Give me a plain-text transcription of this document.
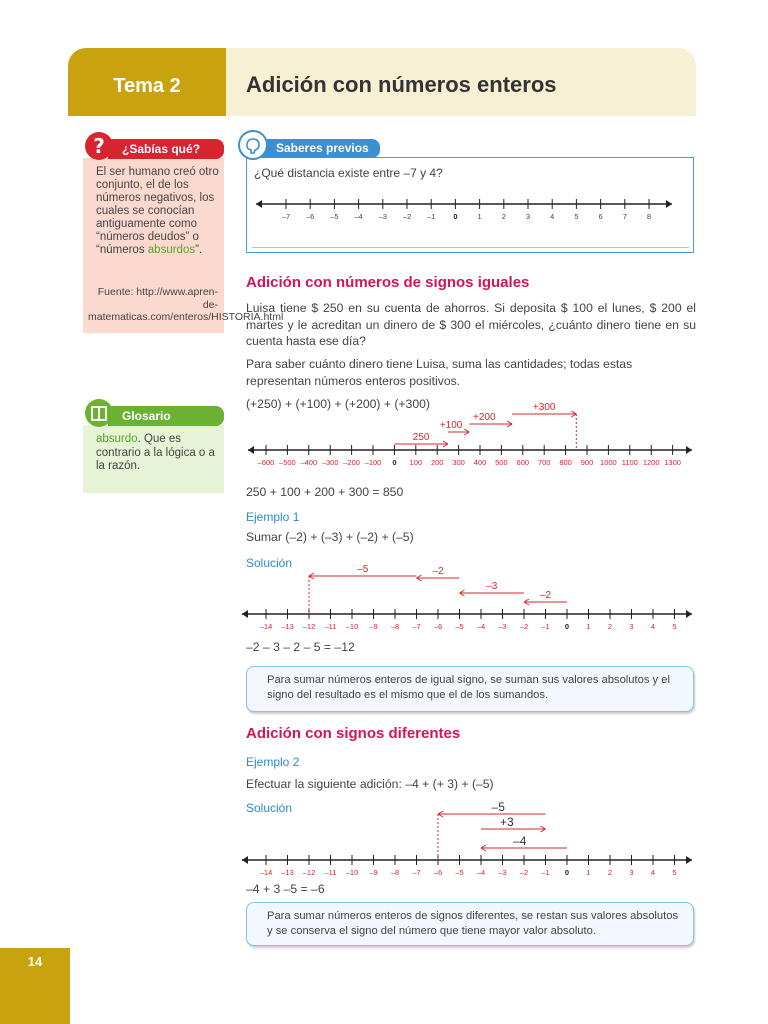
Tema 2	Adición con números enteros
¿Sabías qué?
?
El ser humano creó otro conjunto, el de los números negativos, los cuales se conocían antiguamente como “números deudos” o “números absurdos”.
Fuente: http://www.apren-de-matematicas.com/enteros/HISTORIA.html
Glosario
absurdo. Que es contrario a la lógica o a la razón.
Saberes previos
¿Qué distancia existe entre –7 y 4?
–7 –6 –5 –4 –3 –2 –1 0	1	2	3	4	5	6	7	8
Adición con números de signos iguales
Luisa tiene $ 250 en su cuenta de ahorros. Si deposita $ 100 el lunes, $ 200 el martes y le acreditan un dinero de $ 300 el miércoles, ¿cuánto dinero tiene en su cuenta hasta ese día?
Para saber cuánto dinero tiene Luisa, suma las cantidades; todas estas representan números enteros positivos.
(+250) + (+100) + (+200) + (+300)
–600 –500 –400 –300 –200 –100 0 100 200 300 400 500 600 700 800 900 1000 1100 1200 1300
250
+100
+200
+300
250 + 100 + 200 + 300 = 850
Ejemplo 1
Sumar (–2) + (–3) + (–2) + (–5)
Solución
–14 –13 –12 –11 –10 –9 –8 –7 –6 –5 –4 –3 –2 –1 0 1 2 3 4 5
–2
–3
–2
–5
–2 – 3 – 2 – 5 = –12
Para sumar números enteros de igual signo, se suman sus valores absolutos y el signo del resultado es el mismo que el de los sumandos.
Adición con signos diferentes
Ejemplo 2
Efectuar la siguiente adición: –4 + (+ 3) + (–5)
Solución
–14 –13 –12 –11 –10 –9 –8 –7 –6 –5 –4 –3 –2 –1 0 1 2 3 4 5
–4
+3
–5
–4 + 3 –5 = –6
Para sumar números enteros de signos diferentes, se restan sus valores absolutos y se conserva el signo del número que tiene mayor valor absoluto.
14
